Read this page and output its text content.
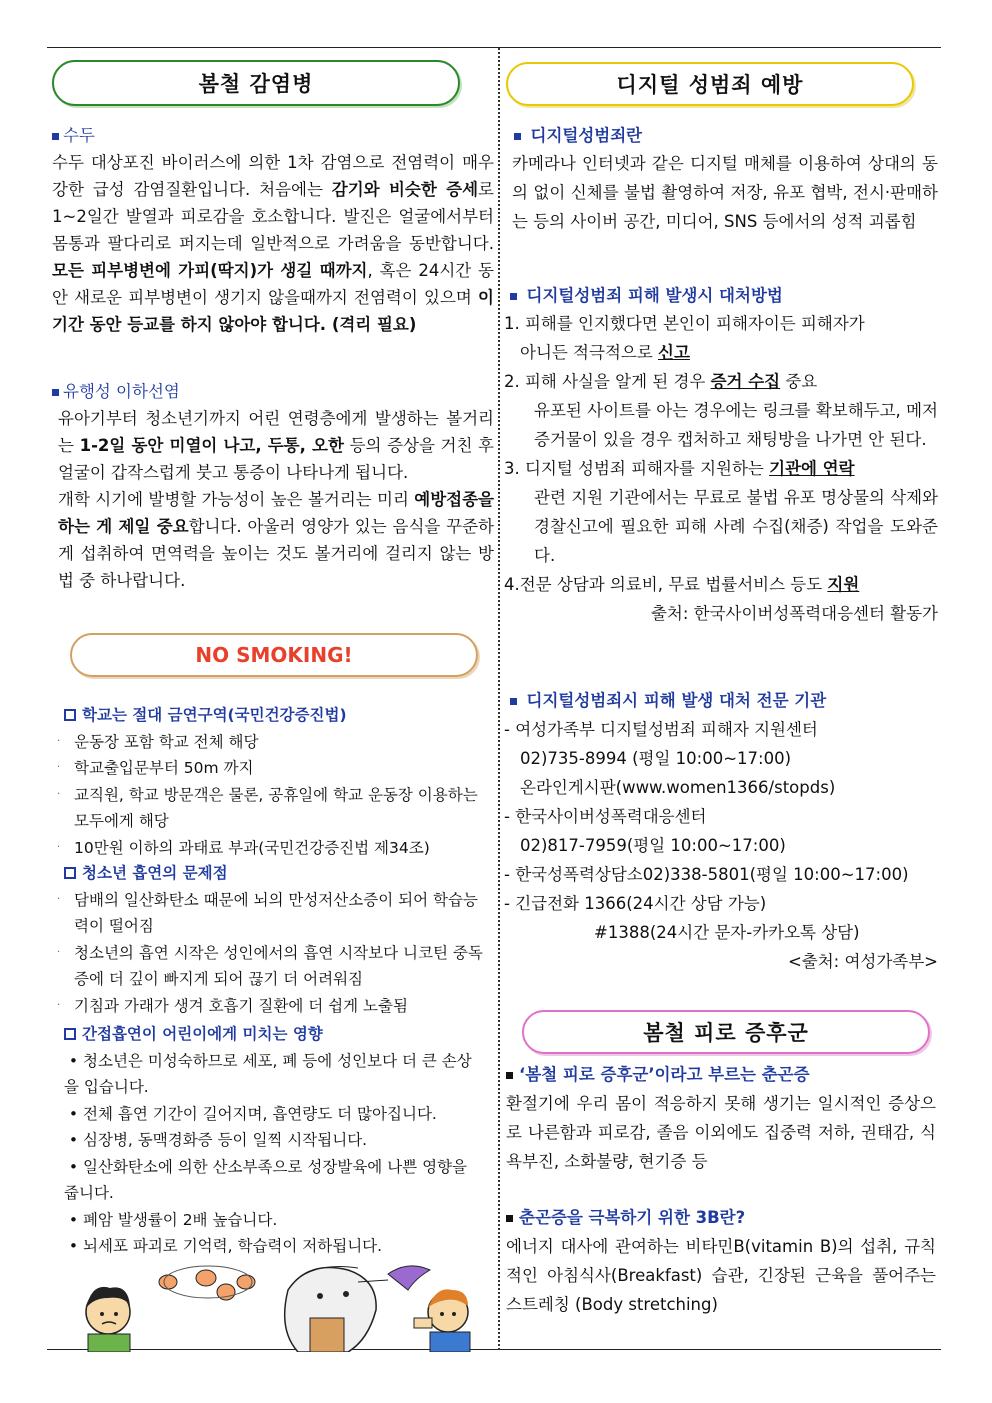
봄철 감염병
수두
수두 대상포진 바이러스에 의한 1차 감염으로 전염력이 매우 강한 급성 감염질환입니다. 처음에는 감기와 비슷한 증세로 1~2일간 발열과 피로감을 호소합니다. 발진은 얼굴에서부터 몸통과 팔다리로 퍼지는데 일반적으로 가려움을 동반합니다. 모든 피부병변에 가피(딱지)가 생길 때까지, 혹은 24시간 동안 새로운 피부병변이 생기지 않을때까지 전염력이 있으며 이 기간 동안 등교를 하지 않아야 합니다. (격리 필요)
유행성 이하선염
유아기부터 청소년기까지 어린 연령층에게 발생하는 볼거리는 1-2일 동안 미열이 나고, 두통, 오한 등의 증상을 거친 후 얼굴이 갑작스럽게 붓고 통증이 나타나게 됩니다.
개학 시기에 발병할 가능성이 높은 볼거리는 미리 예방접종을 하는 게 제일 중요합니다. 아울러 영양가 있는 음식을 꾸준하게 섭취하여 면역력을 높이는 것도 볼거리에 걸리지 않는 방법 중 하나랍니다.
NO SMOKING!
학교는 절대 금연구역(국민건강증진법)
· 운동장 포함 학교 전체 해당
· 학교출입문부터 50m 까지
· 교직원, 학교 방문객은 물론, 공휴일에 학교 운동장 이용하는 모두에게 해당
· 10만원 이하의 과태료 부과(국민건강증진법 제34조)
청소년 흡연의 문제점
· 담배의 일산화탄소 때문에 뇌의 만성저산소증이 되어 학습능력이 떨어짐
· 청소년의 흡연 시작은 성인에서의 흡연 시작보다 니코틴 중독증에 더 깊이 빠지게 되어 끊기 더 어려워짐
· 기침과 가래가 생겨 호흡기 질환에 더 쉽게 노출됨
간접흡연이 어린이에게 미치는 영향
• 청소년은 미성숙하므로 세포, 폐 등에 성인보다 더 큰 손상을 입습니다.
• 전체 흡연 기간이 길어지며, 흡연량도 더 많아집니다.
• 심장병, 동맥경화증 등이 일찍 시작됩니다.
• 일산화탄소에 의한 산소부족으로 성장발육에 나쁜 영향을 줍니다.
• 폐암 발생률이 2배 높습니다.
• 뇌세포 파괴로 기억력, 학습력이 저하됩니다.
디지털 성범죄 예방
디지털성범죄란
카메라나 인터넷과 같은 디지털 매체를 이용하여 상대의 동의 없이 신체를 불법 촬영하여 저장, 유포 협박, 전시·판매하는 등의 사이버 공간, 미디어, SNS 등에서의 성적 괴롭힘
디지털성범죄 피해 발생시 대처방법
1. 피해를 인지했다면 본인이 피해자이든 피해자가
아니든 적극적으로 신고
2. 피해 사실을 알게 된 경우 증거 수집 중요
유포된 사이트를 아는 경우에는 링크를 확보해두고, 메저증거물이 있을 경우 캡처하고 채팅방을 나가면 안 된다.
3. 디지털 성범죄 피해자를 지원하는 기관에 연락
관련 지원 기관에서는 무료로 불법 유포 명상물의 삭제와 경찰신고에 필요한 피해 사례 수집(채증) 작업을 도와준다.
4.전문 상담과 의료비, 무료 법률서비스 등도 지원
출처: 한국사이버성폭력대응센터 활동가
디지털성범죄시 피해 발생 대처 전문 기관
- 여성가족부 디지털성범죄 피해자 지원센터
02)735-8994 (평일 10:00~17:00)
온라인게시판(www.women1366/stopds)
- 한국사이버성폭력대응센터
02)817-7959(평일 10:00~17:00)
- 한국성폭력상담소02)338-5801(평일 10:00~17:00)
- 긴급전화 1366(24시간 상담 가능)
#1388(24시간 문자-카카오톡 상담)
<출처: 여성가족부>
봄철 피로 증후군
‘봄철 피로 증후군’이라고 부르는 춘곤증
환절기에 우리 몸이 적응하지 못해 생기는 일시적인 증상으로 나른함과 피로감, 졸음 이외에도 집중력 저하, 권태감, 식욕부진, 소화불량, 현기증 등
춘곤증을 극복하기 위한 3B란?
에너지 대사에 관여하는 비타민B(vitamin B)의 섭취, 규칙적인 아침식사(Breakfast) 습관, 긴장된 근육을 풀어주는 스트레칭 (Body stretching)
